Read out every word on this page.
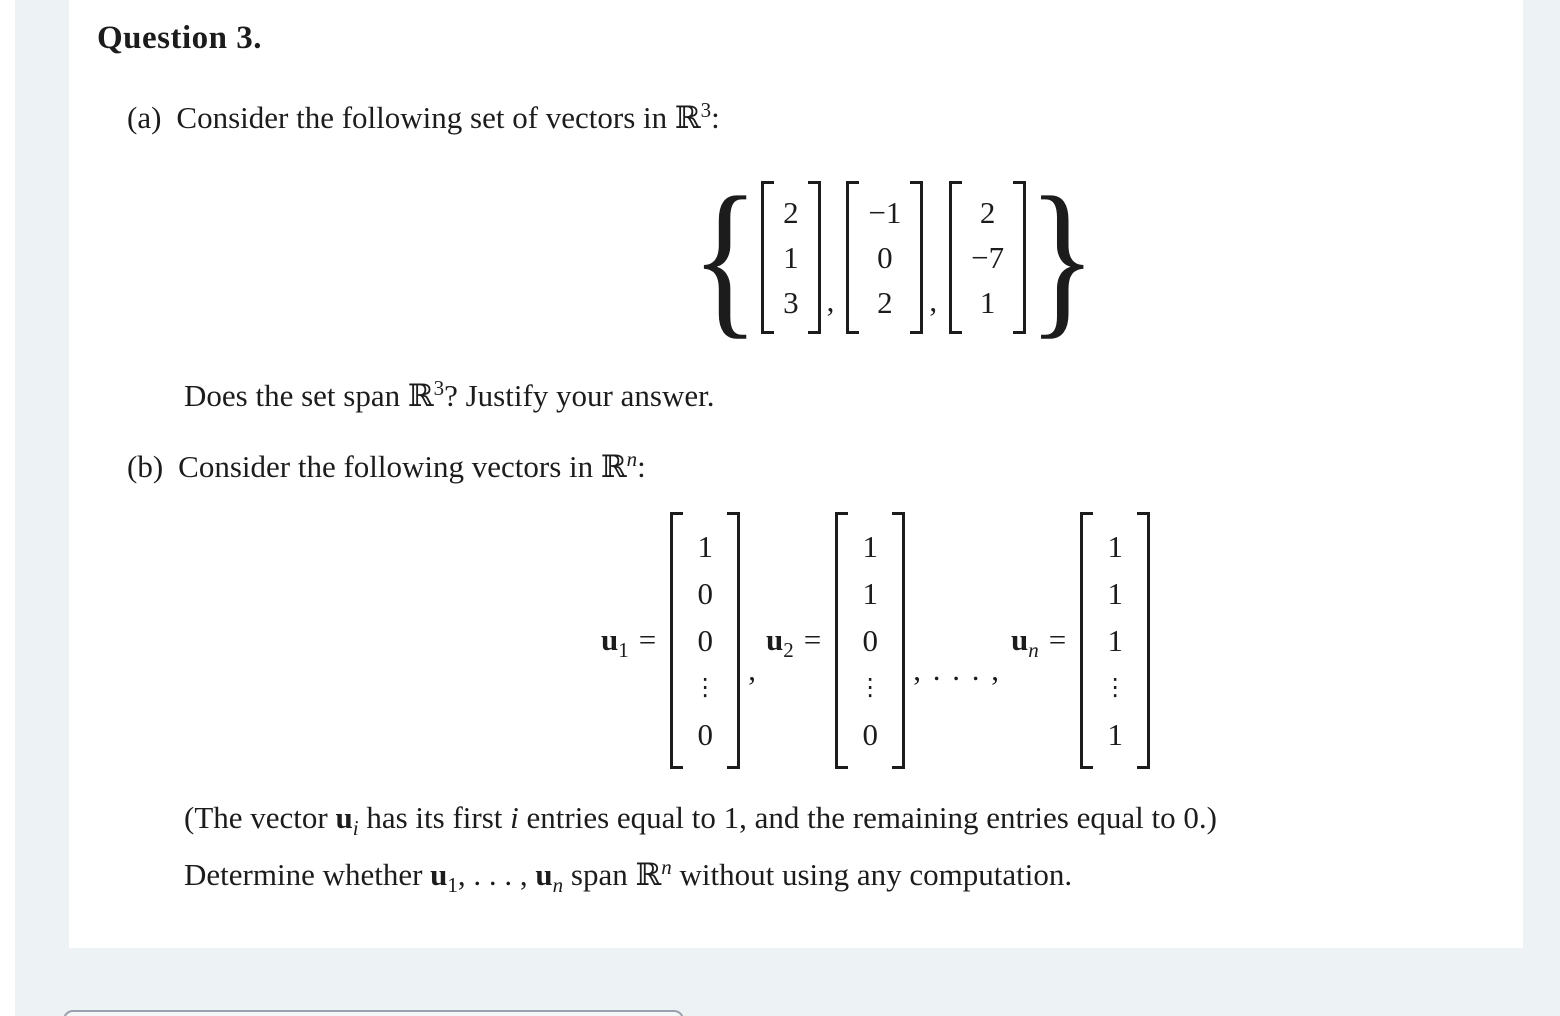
Question 3.
(a) Consider the following set of vectors in ℝ$^3$:
{ 2
1
3 ,
−1
0
2 ,
2
−7
1 }
Does the set span ℝ$^3$? Justify your answer.
(b) Consider the following vectors in ℝ$^n$:
$u_1$ =
1
0
0
⋮
0
,
$u_2$ =
1
1
0
⋮
0
, . . . ,
$u_n$ =
1
1
1
⋮
1
(The vector $u_i$ has its first i entries equal to 1, and the remaining entries equal to 0.)
Determine whether $u_1$, . . . , $u_n$ span ℝ$^n$ without using any computation.
